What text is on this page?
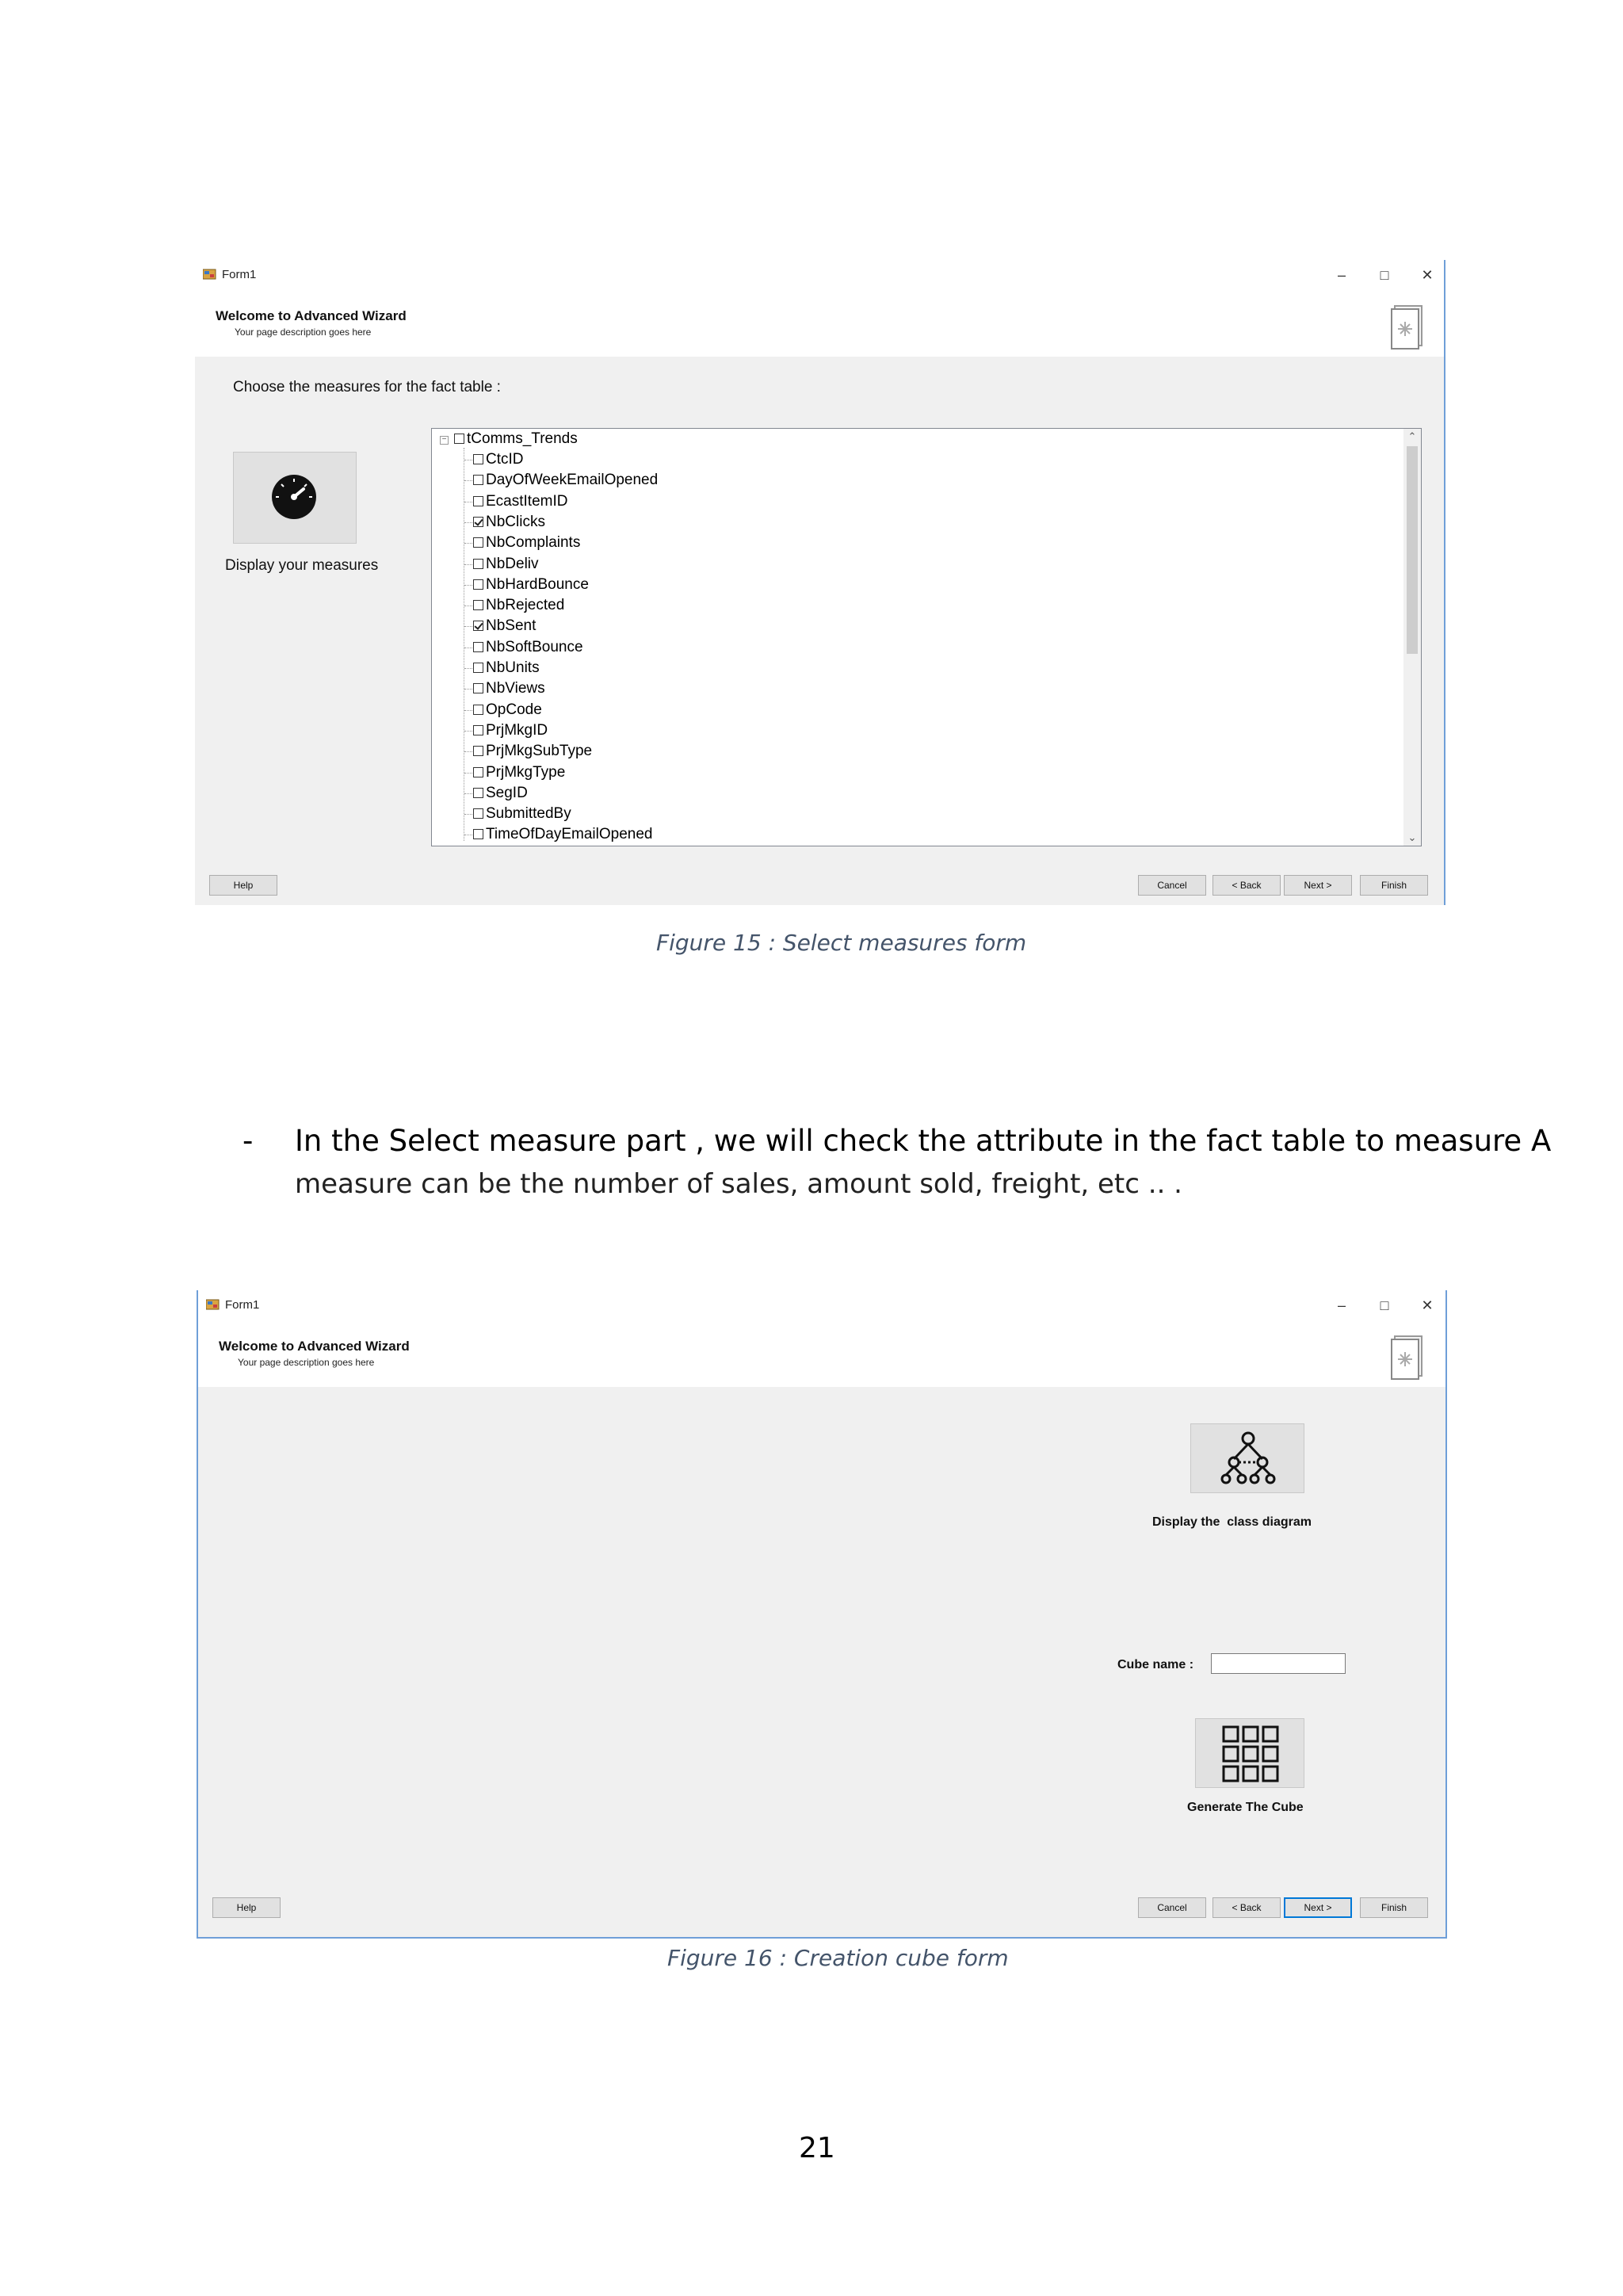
Form1	–	□	✕
Welcome to Advanced Wizard
Your page description goes here
Choose the measures for the fact table :
Display your measures
− tComms_Trends
CtcID
DayOfWeekEmailOpened
EcastItemID
NbClicks
NbComplaints
NbDeliv
NbHardBounce
NbRejected
NbSent
NbSoftBounce
NbUnits
NbViews
OpCode
PrjMkgID
PrjMkgSubType
PrjMkgType
SegID
SubmittedBy
TimeOfDayEmailOpened
⌃
⌄
Help	Cancel	< Back	Next >	Finish
Figure 15 : Select measures form
- In the Select measure part , we will check the attribute in the fact table to measure A
measure can be the number of sales, amount sold, freight, etc .. .
Form1	–	□	✕
Welcome to Advanced Wizard
Your page description goes here
Display the  class diagram
Cube name :
Generate The Cube
Help	Cancel	< Back	Next >	Finish
Figure 16 : Creation cube form
21
